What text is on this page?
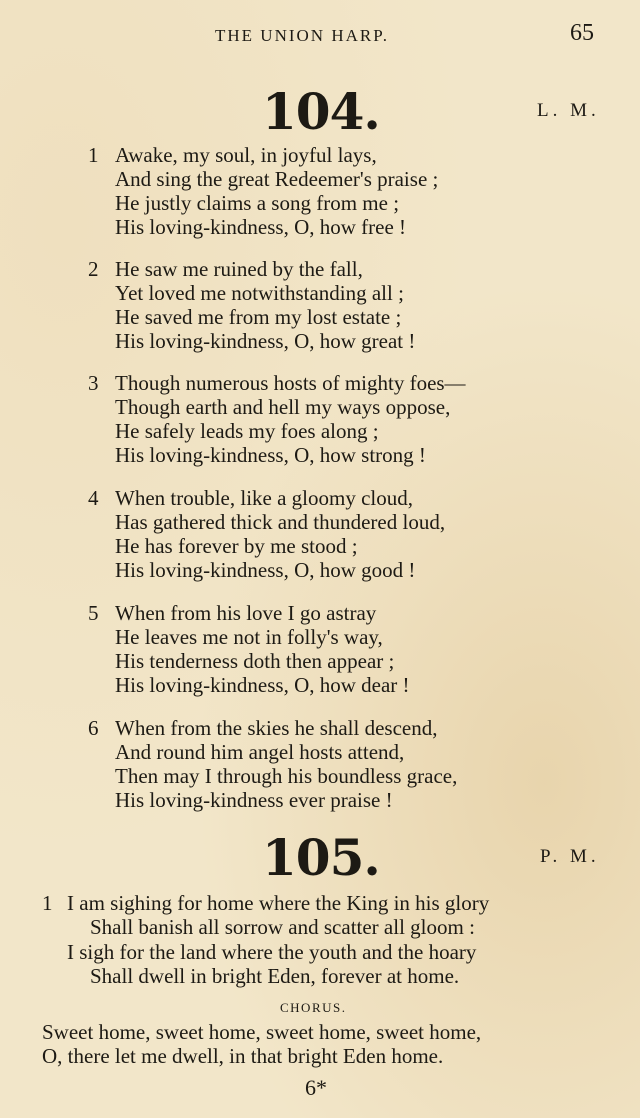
THE UNION HARP.	65
104.	L. M.
1 Awake, my soul, in joyful lays,
And sing the great Redeemer's praise ;
He justly claims a song from me ;
His loving-kindness, O, how free !
2 He saw me ruined by the fall,
Yet loved me notwithstanding all ;
He saved me from my lost estate ;
His loving-kindness, O, how great !
3 Though numerous hosts of mighty foes—
Though earth and hell my ways oppose,
He safely leads my foes along ;
His loving-kindness, O, how strong !
4 When trouble, like a gloomy cloud,
Has gathered thick and thundered loud,
He has forever by me stood ;
His loving-kindness, O, how good !
5 When from his love I go astray
He leaves me not in folly's way,
His tenderness doth then appear ;
His loving-kindness, O, how dear !
6 When from the skies he shall descend,
And round him angel hosts attend,
Then may I through his boundless grace,
His loving-kindness ever praise !
105.	P. M.
1 I am sighing for home where the King in his glory
Shall banish all sorrow and scatter all gloom :
I sigh for the land where the youth and the hoary
Shall dwell in bright Eden, forever at home.
CHORUS.
Sweet home, sweet home, sweet home, sweet home,
O, there let me dwell, in that bright Eden home.
6*
